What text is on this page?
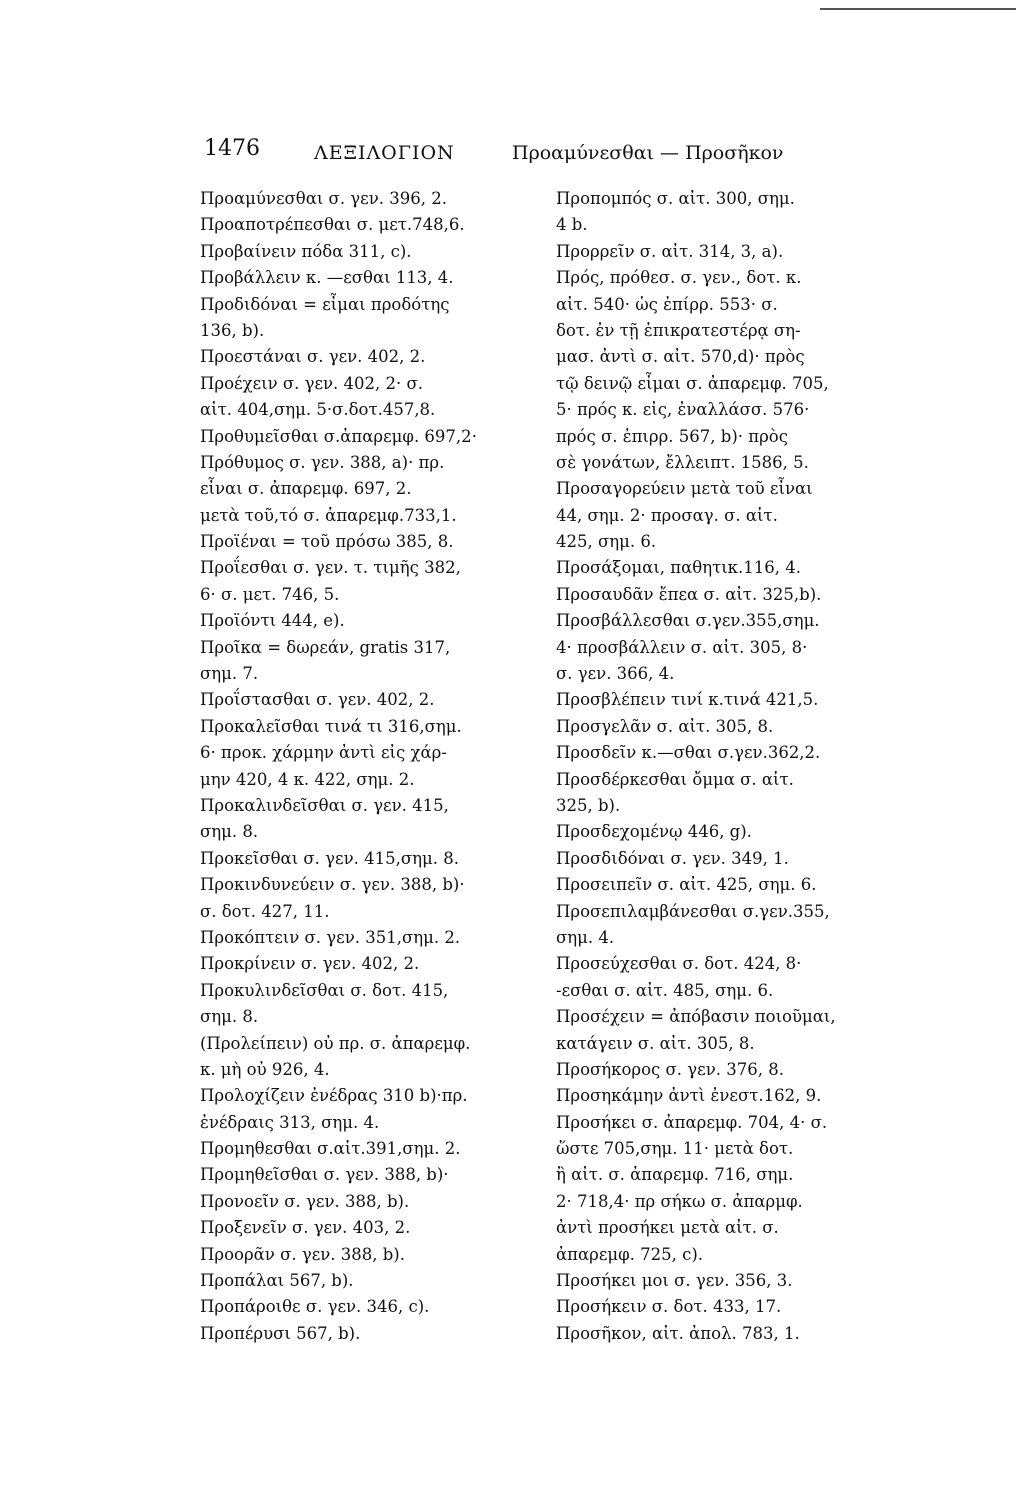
1476	ΛΕΞΙΛΟΓΙΟΝ	Προαμύνεσθαι — Προσῆκον
Προαμύνεσθαι σ. γεν. 396, 2.
Προαποτρέπεσθαι σ. μετ.748,6.
Προβαίνειν πόδα 311, c).
Προβάλλειν κ. —εσθαι 113, 4.
Προδιδόναι = εἶμαι προδότης
136, b).
Προεστάναι σ. γεν. 402, 2.
Προέχειν σ. γεν. 402, 2· σ.
αἰτ. 404,σημ. 5·σ.δοτ.457,8.
Προθυμεῖσθαι σ.ἀπαρεμφ. 697,2·
Πρόθυμος σ. γεν. 388, a)· πρ.
εἶναι σ. ἀπαρεμφ. 697, 2.
μετὰ τοῦ,τό σ. ἀπαρεμφ.733,1.
Προϊέναι = τοῦ πρόσω 385, 8.
Προΐεσθαι σ. γεν. τ. τιμῆς 382,
6· σ. μετ. 746, 5.
Προϊόντι 444, e).
Προῖκα = δωρεάν, gratis 317,
σημ. 7.
Προΐστασθαι σ. γεν. 402, 2.
Προκαλεῖσθαι τινά τι 316,σημ.
6· προκ. χάρμην ἀντὶ εἰς χάρ-
μην 420, 4 κ. 422, σημ. 2.
Προκαλινδεῖσθαι σ. γεν. 415,
σημ. 8.
Προκεῖσθαι σ. γεν. 415,σημ. 8.
Προκινδυνεύειν σ. γεν. 388, b)·
σ. δοτ. 427, 11.
Προκόπτειν σ. γεν. 351,σημ. 2.
Προκρίνειν σ. γεν. 402, 2.
Προκυλινδεῖσθαι σ. δοτ. 415,
σημ. 8.
(Προλείπειν) οὐ πρ. σ. ἀπαρεμφ.
κ. μὴ οὐ 926, 4.
Προλοχίζειν ἐνέδρας 310 b)·πρ.
ἐνέδραις 313, σημ. 4.
Προμηθεσθαι σ.αἰτ.391,σημ. 2.
Προμηθεῖσθαι σ. γεν. 388, b)·
Προνοεῖν σ. γεν. 388, b).
Προξενεῖν σ. γεν. 403, 2.
Προορᾶν σ. γεν. 388, b).
Προπάλαι 567, b).
Προπάροιθε σ. γεν. 346, c).
Προπέρυσι 567, b).
Προπομπός σ. αἰτ. 300, σημ.
4 b.
Προρρεῖν σ. αἰτ. 314, 3, a).
Πρός, πρόθεσ. σ. γεν., δοτ. κ.
αἰτ. 540· ὡς ἐπίρρ. 553· σ.
δοτ. ἐν τῇ ἐπικρατεστέρᾳ ση-
μασ. ἀντὶ σ. αἰτ. 570,d)· πρὸς
τῷ δεινῷ εἶμαι σ. ἀπαρεμφ. 705,
5· πρός κ. εἰς, ἐναλλάσσ. 576·
πρός σ. ἐπιρρ. 567, b)· πρὸς
σὲ γονάτων, ἔλλειπτ. 1586, 5.
Προσαγορεύειν μετὰ τοῦ εἶναι
44, σημ. 2· προσαγ. σ. αἰτ.
425, σημ. 6.
Προσάξομαι, παθητικ.116, 4.
Προσαυδᾶν ἔπεα σ. αἰτ. 325,b).
Προσβάλλεσθαι σ.γεν.355,σημ.
4· προσβάλλειν σ. αἰτ. 305, 8·
σ. γεν. 366, 4.
Προσβλέπειν τινί κ.τινά 421,5.
Προσγελᾶν σ. αἰτ. 305, 8.
Προσδεῖν κ.—σθαι σ.γεν.362,2.
Προσδέρκεσθαι ὄμμα σ. αἰτ.
325, b).
Προσδεχομένῳ 446, g).
Προσδιδόναι σ. γεν. 349, 1.
Προσειπεῖν σ. αἰτ. 425, σημ. 6.
Προσεπιλαμβάνεσθαι σ.γεν.355,
σημ. 4.
Προσεύχεσθαι σ. δοτ. 424, 8·
-εσθαι σ. αἰτ. 485, σημ. 6.
Προσέχειν = ἀπόβασιν ποιοῦμαι,
κατάγειν σ. αἰτ. 305, 8.
Προσήκορος σ. γεν. 376, 8.
Προσηκάμην ἀντὶ ἐνεστ.162, 9.
Προσήκει σ. ἀπαρεμφ. 704, 4· σ.
ὥστε 705,σημ. 11· μετὰ δοτ.
ἢ αἰτ. σ. ἀπαρεμφ. 716, σημ.
2· 718,4· πρ σήκω σ. ἀπαρμφ.
ἀντὶ προσήκει μετὰ αἰτ. σ.
ἀπαρεμφ. 725, c).
Προσήκει μοι σ. γεν. 356, 3.
Προσήκειν σ. δοτ. 433, 17.
Προσῆκον, αἰτ. ἀπολ. 783, 1.
